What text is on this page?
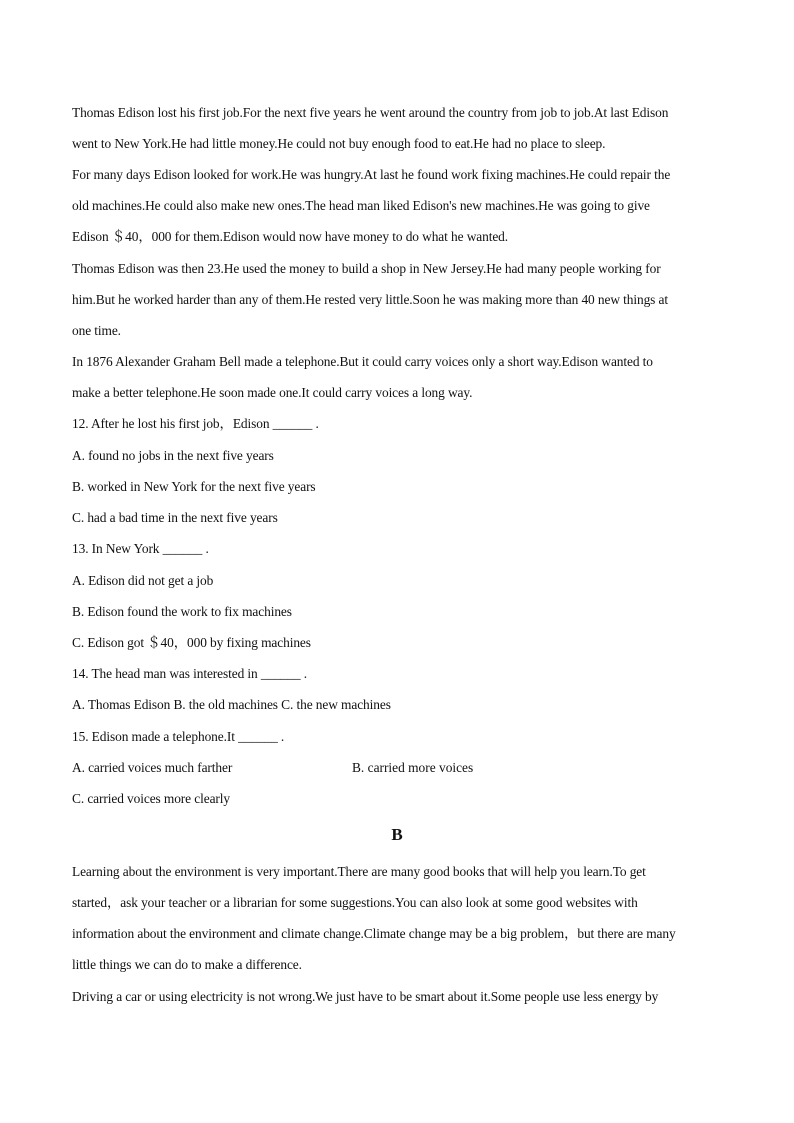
Thomas Edison lost his first job.For the next five years he went around the country from job to job.At last Edison
went to New York.He had little money.He could not buy enough food to eat.He had no place to sleep.
For many days Edison looked for work.He was hungry.At last he found work fixing machines.He could repair the
old machines.He could also make new ones.The head man liked Edison's new machines.He was going to give
Edison ＄40，000 for them.Edison would now have money to do what he wanted.
Thomas Edison was then 23.He used the money to build a shop in New Jersey.He had many people working for
him.But he worked harder than any of them.He rested very little.Soon he was making more than 40 new things at
one time.
In 1876 Alexander Graham Bell made a telephone.But it could carry voices only a short way.Edison wanted to
make a better telephone.He soon made one.It could carry voices a long way.
12. After he lost his first job，Edison ______ .
A. found no jobs in the next five years
B. worked in New York for the next five years
C. had a bad time in the next five years
13. In New York ______ .
A. Edison did not get a job
B. Edison found the work to fix machines
C. Edison got ＄40，000 by fixing machines
14. The head man was interested in ______ .
A. Thomas Edison B. the old machines C. the new machines
15. Edison made a telephone.It ______ .
A. carried voices much farther	B. carried more voices
C. carried voices more clearly
B
Learning about the environment is very important.There are many good books that will help you learn.To get
started，ask your teacher or a librarian for some suggestions.You can also look at some good websites with
information about the environment and climate change.Climate change may be a big problem，but there are many
little things we can do to make a difference.
Driving a car or using electricity is not wrong.We just have to be smart about it.Some people use less energy by
